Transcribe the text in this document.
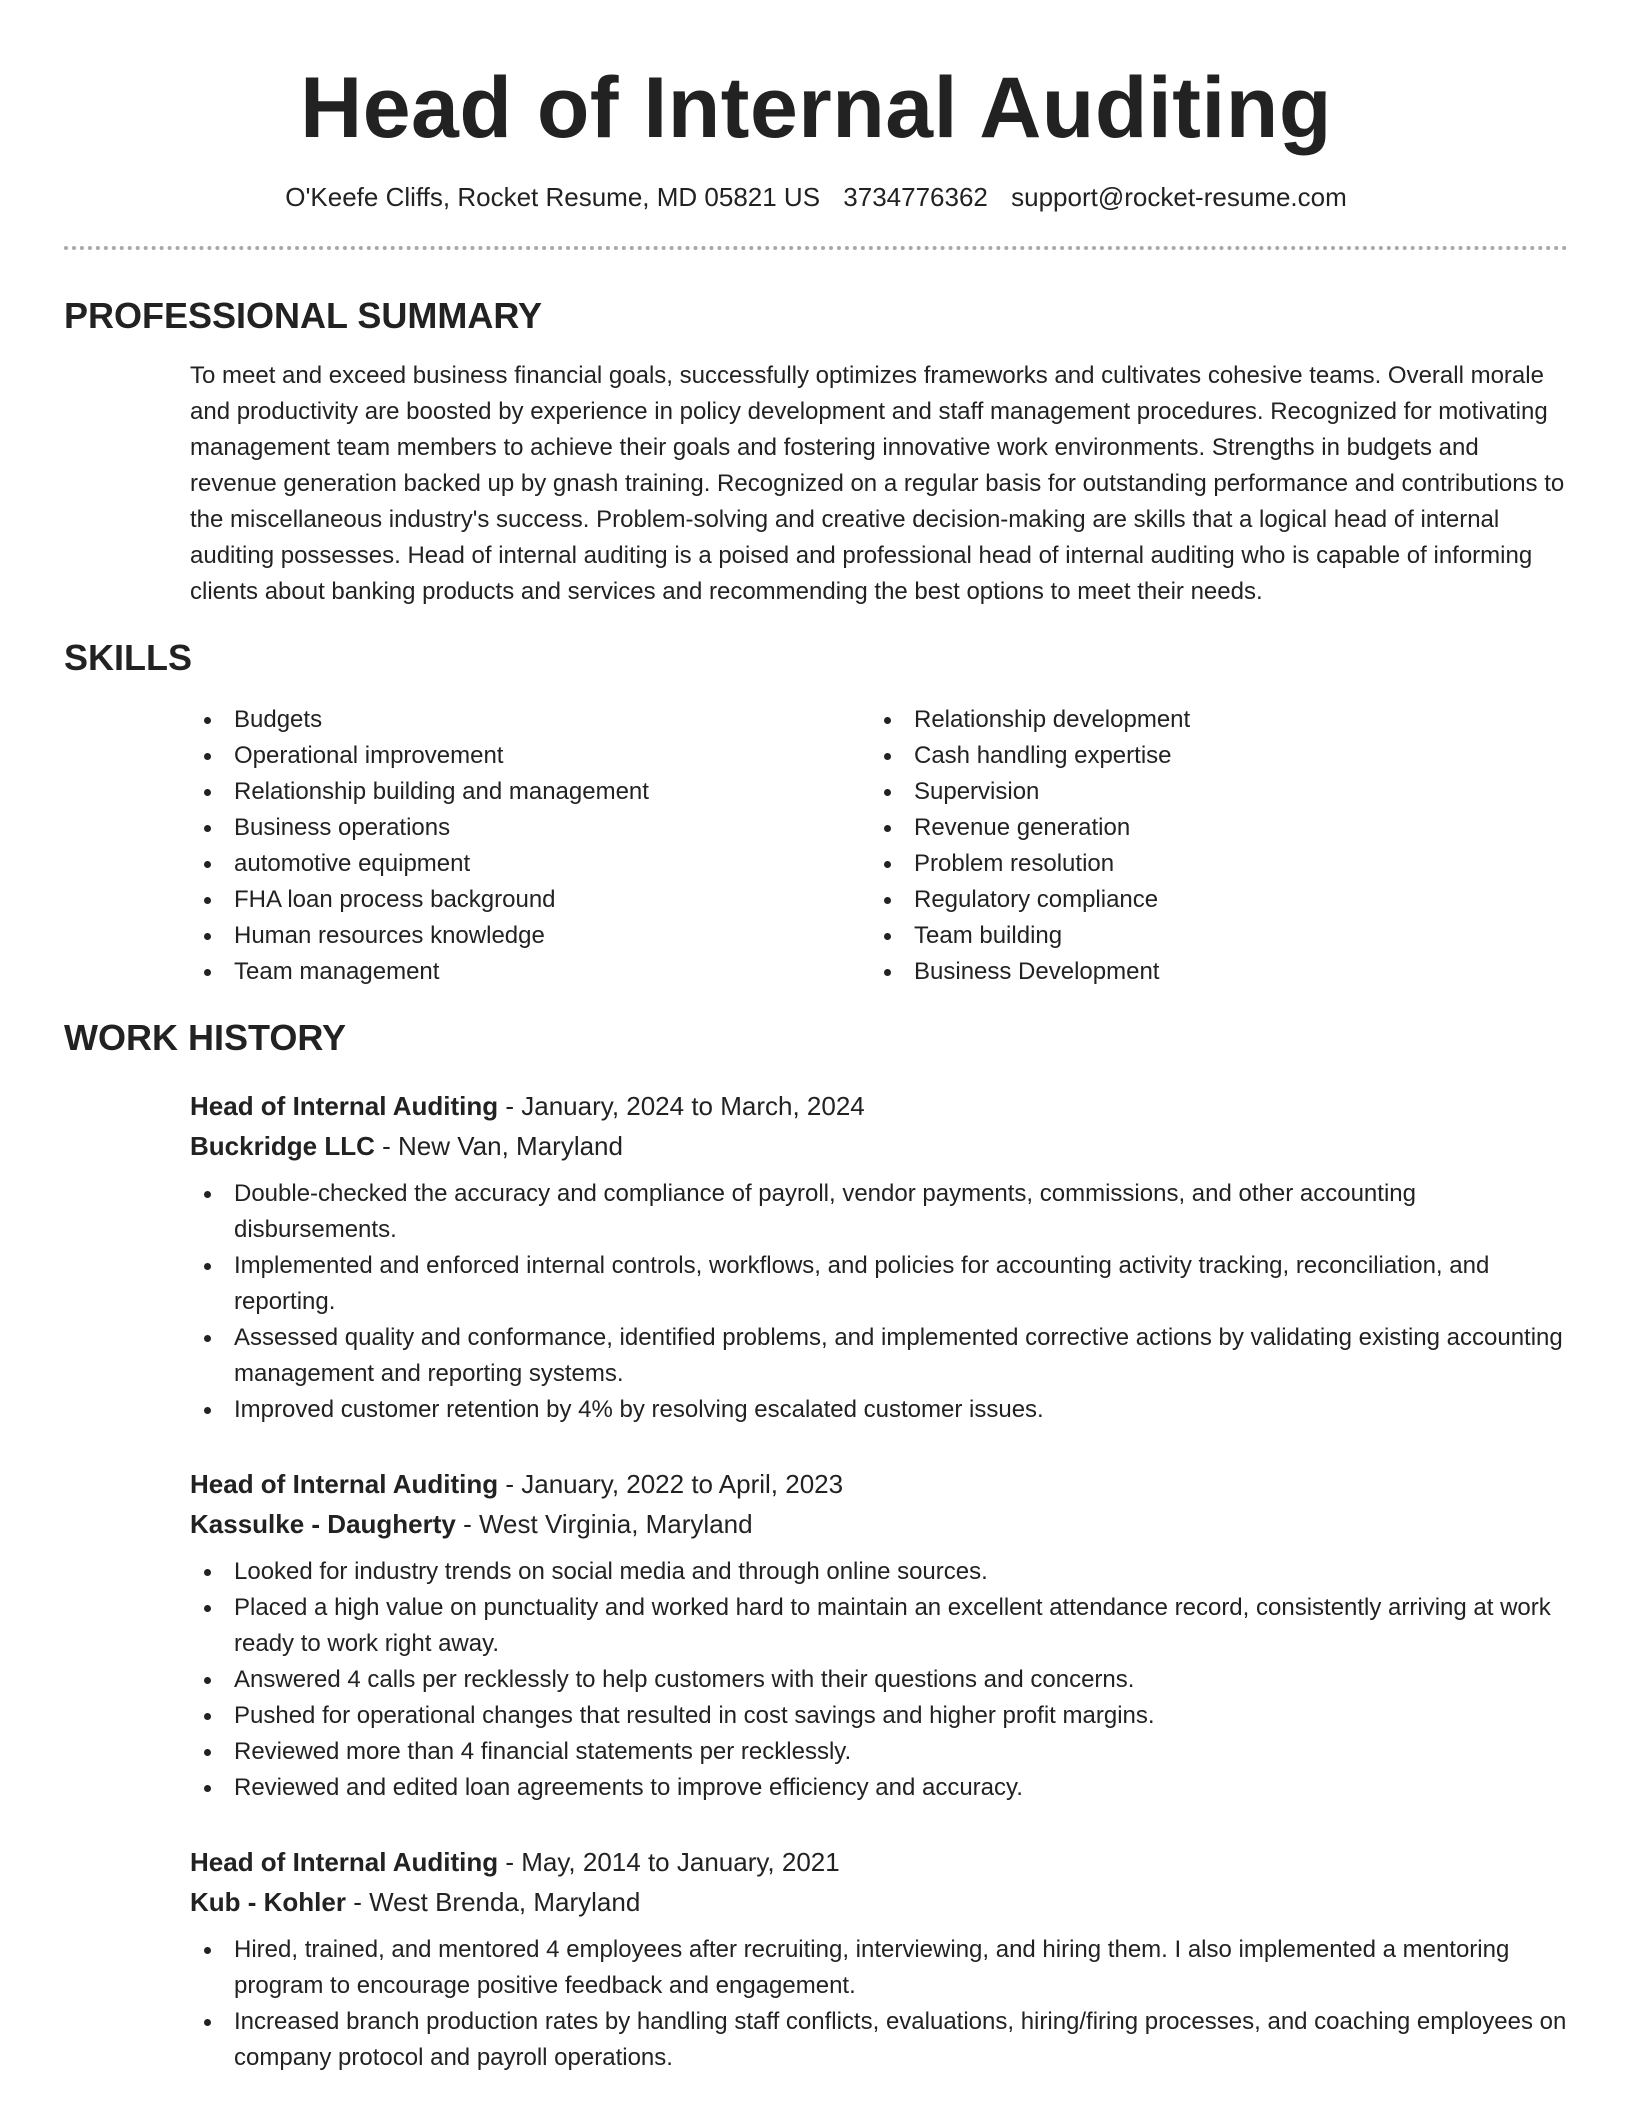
Head of Internal Auditing
O'Keefe Cliffs, Rocket Resume, MD 05821 US 3734776362 support@rocket-resume.com
PROFESSIONAL SUMMARY

To meet and exceed business financial goals, successfully optimizes frameworks and cultivates cohesive teams. Overall morale and productivity are boosted by experience in policy development and staff management procedures. Recognized for motivating management team members to achieve their goals and fostering innovative work environments. Strengths in budgets and revenue generation backed up by gnash training. Recognized on a regular basis for outstanding performance and contributions to the miscellaneous industry's success. Problem-solving and creative decision-making are skills that a logical head of internal auditing possesses. Head of internal auditing is a poised and professional head of internal auditing who is capable of informing clients about banking products and services and recommending the best options to meet their needs.

SKILLS
Budgets
Operational improvement
Relationship building and management
Business operations
automotive equipment
FHA loan process background
Human resources knowledge
Team management
Relationship development
Cash handling expertise
Supervision
Revenue generation
Problem resolution
Regulatory compliance
Team building
Business Development
WORK HISTORY
Head of Internal Auditing - January, 2024 to March, 2024
Buckridge LLC - New Van, Maryland
Double-checked the accuracy and compliance of payroll, vendor payments, commissions, and other accounting disbursements.
Implemented and enforced internal controls, workflows, and policies for accounting activity tracking, reconciliation, and reporting.
Assessed quality and conformance, identified problems, and implemented corrective actions by validating existing accounting management and reporting systems.
Improved customer retention by 4% by resolving escalated customer issues.
Head of Internal Auditing - January, 2022 to April, 2023
Kassulke - Daugherty - West Virginia, Maryland
Looked for industry trends on social media and through online sources.
Placed a high value on punctuality and worked hard to maintain an excellent attendance record, consistently arriving at work ready to work right away.
Answered 4 calls per recklessly to help customers with their questions and concerns.
Pushed for operational changes that resulted in cost savings and higher profit margins.
Reviewed more than 4 financial statements per recklessly.
Reviewed and edited loan agreements to improve efficiency and accuracy.
Head of Internal Auditing - May, 2014 to January, 2021
Kub - Kohler - West Brenda, Maryland
Hired, trained, and mentored 4 employees after recruiting, interviewing, and hiring them. I also implemented a mentoring program to encourage positive feedback and engagement.
Increased branch production rates by handling staff conflicts, evaluations, hiring/firing processes, and coaching employees on company protocol and payroll operations.
